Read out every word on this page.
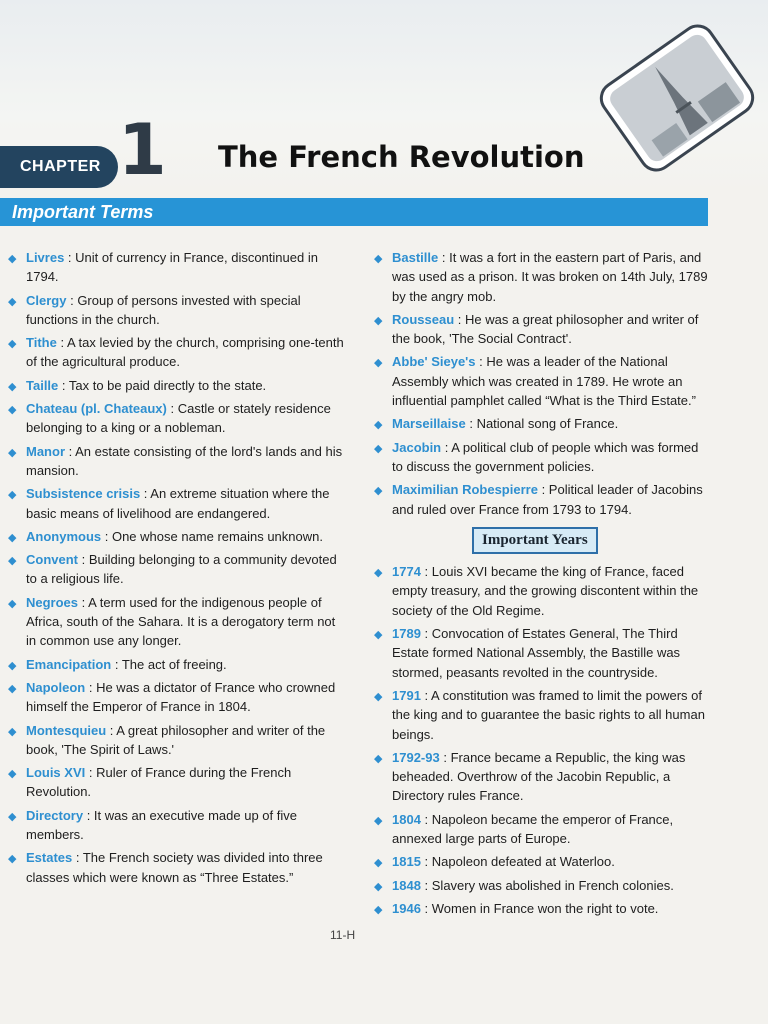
CHAPTER 1 The French Revolution
Important Terms
◆ Livres : Unit of currency in France, discontinued in 1794.
◆ Clergy : Group of persons invested with special functions in the church.
◆ Tithe : A tax levied by the church, comprising one-tenth of the agricultural produce.
◆ Taille : Tax to be paid directly to the state.
◆ Chateau (pl. Chateaux) : Castle or stately residence belonging to a king or a nobleman.
◆ Manor : An estate consisting of the lord's lands and his mansion.
◆ Subsistence crisis : An extreme situation where the basic means of livelihood are endangered.
◆ Anonymous : One whose name remains unknown.
◆ Convent : Building belonging to a community devoted to a religious life.
◆ Negroes : A term used for the indigenous people of Africa, south of the Sahara. It is a derogatory term not in common use any longer.
◆ Emancipation : The act of freeing.
◆ Napoleon : He was a dictator of France who crowned himself the Emperor of France in 1804.
◆ Montesquieu : A great philosopher and writer of the book, 'The Spirit of Laws.'
◆ Louis XVI : Ruler of France during the French Revolution.
◆ Directory : It was an executive made up of five members.
◆ Estates : The French society was divided into three classes which were known as “Three Estates.”
◆ Bastille : It was a fort in the eastern part of Paris, and was used as a prison. It was broken on 14th July, 1789 by the angry mob.
◆ Rousseau : He was a great philosopher and writer of the book, 'The Social Contract'.
◆ Abbe' Sieye's : He was a leader of the National Assembly which was created in 1789. He wrote an influential pamphlet called “What is the Third Estate.”
◆ Marseillaise : National song of France.
◆ Jacobin : A political club of people which was formed to discuss the government policies.
◆ Maximilian Robespierre : Political leader of Jacobins and ruled over France from 1793 to 1794.
Important Years
◆ 1774 : Louis XVI became the king of France, faced empty treasury, and the growing discontent within the society of the Old Regime.
◆ 1789 : Convocation of Estates General, The Third Estate formed National Assembly, the Bastille was stormed, peasants revolted in the countryside.
◆ 1791 : A constitution was framed to limit the powers of the king and to guarantee the basic rights to all human beings.
◆ 1792-93 : France became a Republic, the king was beheaded. Overthrow of the Jacobin Republic, a Directory rules France.
◆ 1804 : Napoleon became the emperor of France, annexed large parts of Europe.
◆ 1815 : Napoleon defeated at Waterloo.
◆ 1848 : Slavery was abolished in French colonies.
◆ 1946 : Women in France won the right to vote.
11-H
